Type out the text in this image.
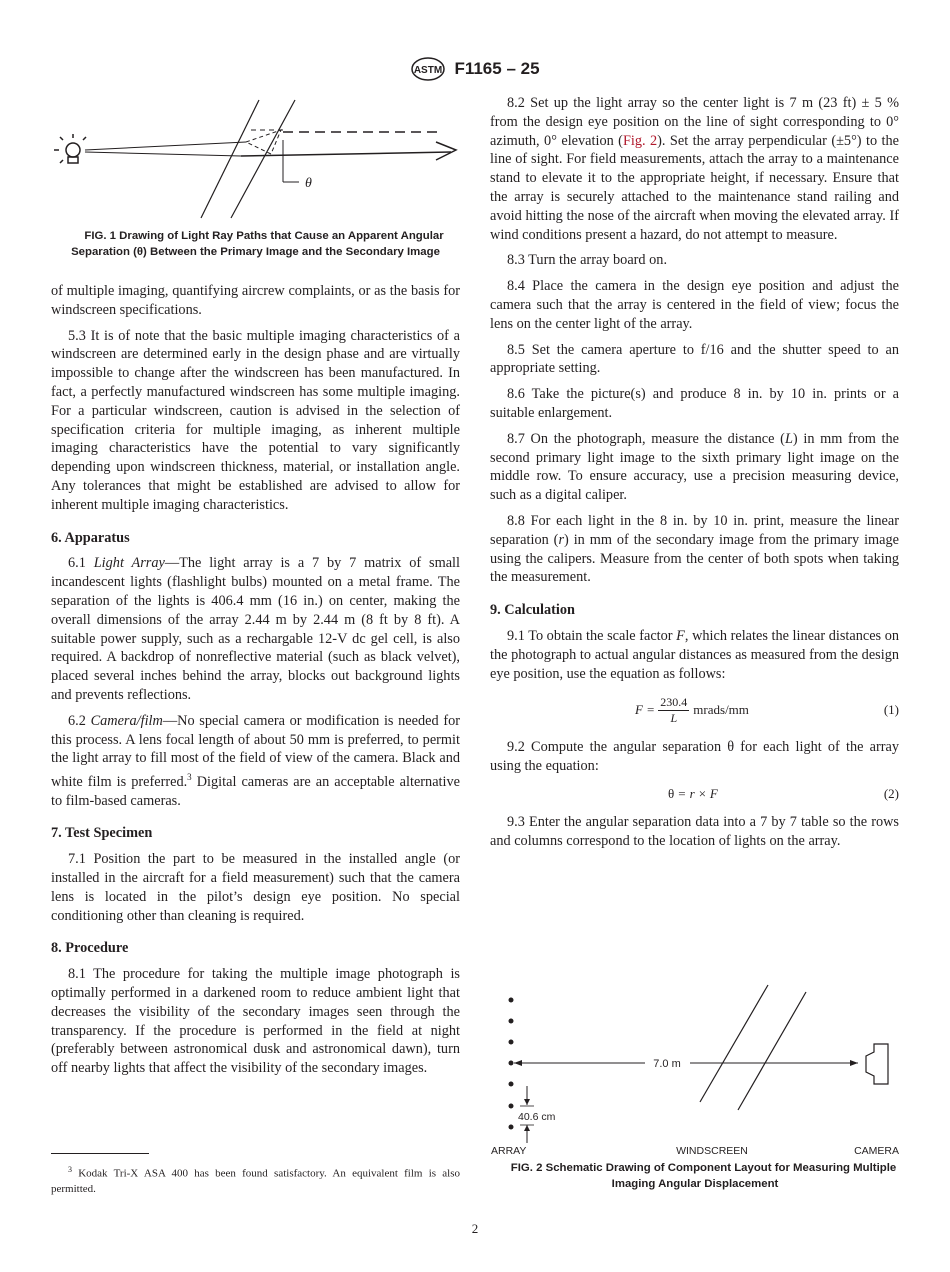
ASTM F1165 – 25
θ

FIG. 1 Drawing of Light Ray Paths that Cause an Apparent Angular Separation (θ) Between the Primary Image and the Secondary Image

of multiple imaging, quantifying aircrew complaints, or as the basis for windscreen specifications.

5.3 It is of note that the basic multiple imaging characteristics of a windscreen are determined early in the design phase and are virtually impossible to change after the windscreen has been manufactured. In fact, a perfectly manufactured windscreen has some multiple imaging. For a particular windscreen, caution is advised in the selection of specification criteria for multiple imaging, as inherent multiple imaging characteristics have the potential to vary significantly depending upon windscreen thickness, material, or installation angle. Any tolerances that might be established are advised to allow for inherent multiple imaging characteristics.

6. Apparatus

6.1 Light Array—The light array is a 7 by 7 matrix of small incandescent lights (flashlight bulbs) mounted on a metal frame. The separation of the lights is 406.4 mm (16 in.) on center, making the overall dimensions of the array 2.44 m by 2.44 m (8 ft by 8 ft). A suitable power supply, such as a rechargable 12-V dc gel cell, is also required. A backdrop of nonreflective material (such as black velvet), placed several inches behind the array, blocks out background lights and prevents reflections.

6.2 Camera/film—No special camera or modification is needed for this process. A lens focal length of about 50 mm is preferred, to permit the light array to fill most of the field of view of the camera. Black and white film is preferred.$^3$ Digital cameras are an acceptable alternative to film-based cameras.

7. Test Specimen

7.1 Position the part to be measured in the installed angle (or installed in the aircraft for a field measurement) such that the camera lens is located in the pilot’s design eye position. No special conditioning other than cleaning is required.

8. Procedure

8.1 The procedure for taking the multiple image photograph is optimally performed in a darkened room to reduce ambient light that decreases the visibility of the secondary images seen through the transparency. If the procedure is performed in the field at night (preferably between astronomical dusk and astronomical dawn), turn off nearby lights that affect the visibility of the secondary images.

$^3$ Kodak Tri-X ASA 400 has been found satisfactory. An equivalent film is also permitted.

8.2 Set up the light array so the center light is 7 m (23 ft) ± 5 % from the design eye position on the line of sight corresponding to 0° azimuth, 0° elevation (Fig. 2). Set the array perpendicular (±5°) to the line of sight. For field measurements, attach the array to a maintenance stand to elevate it to the appropriate height, if necessary. Ensure that the array is securely attached to the maintenance stand railing and avoid hitting the nose of the aircraft when moving the elevated array. If wind conditions present a hazard, do not attempt to measure.

8.3 Turn the array board on.

8.4 Place the camera in the design eye position and adjust the camera such that the array is centered in the field of view; focus the lens on the center light of the array.

8.5 Set the camera aperture to f/16 and the shutter speed to an appropriate setting.

8.6 Take the picture(s) and produce 8 in. by 10 in. prints or a suitable enlargement.

8.7 On the photograph, measure the distance (L) in mm from the second primary light image to the sixth primary light image on the middle row. To ensure accuracy, use a precision measuring device, such as a digital caliper.

8.8 For each light in the 8 in. by 10 in. print, measure the linear separation (r) in mm of the secondary image from the primary image using the calipers. Measure from the center of both spots when taking the measurement.

9. Calculation

9.1 To obtain the scale factor F, which relates the linear distances on the photograph to actual angular distances as measured from the design eye position, use the equation as follows:

$F = \frac{230.4}{L}$ mrads/mm	(1)

9.2 Compute the angular separation θ for each light of the array using the equation:

θ = r × F	(2)

9.3 Enter the angular separation data into a 7 by 7 table so the rows and columns correspond to the location of lights on the array.

7.0 m
40.6 cm
ARRAY	WINDSCREEN	CAMERA

FIG. 2 Schematic Drawing of Component Layout for Measuring Multiple Imaging Angular Displacement

2
